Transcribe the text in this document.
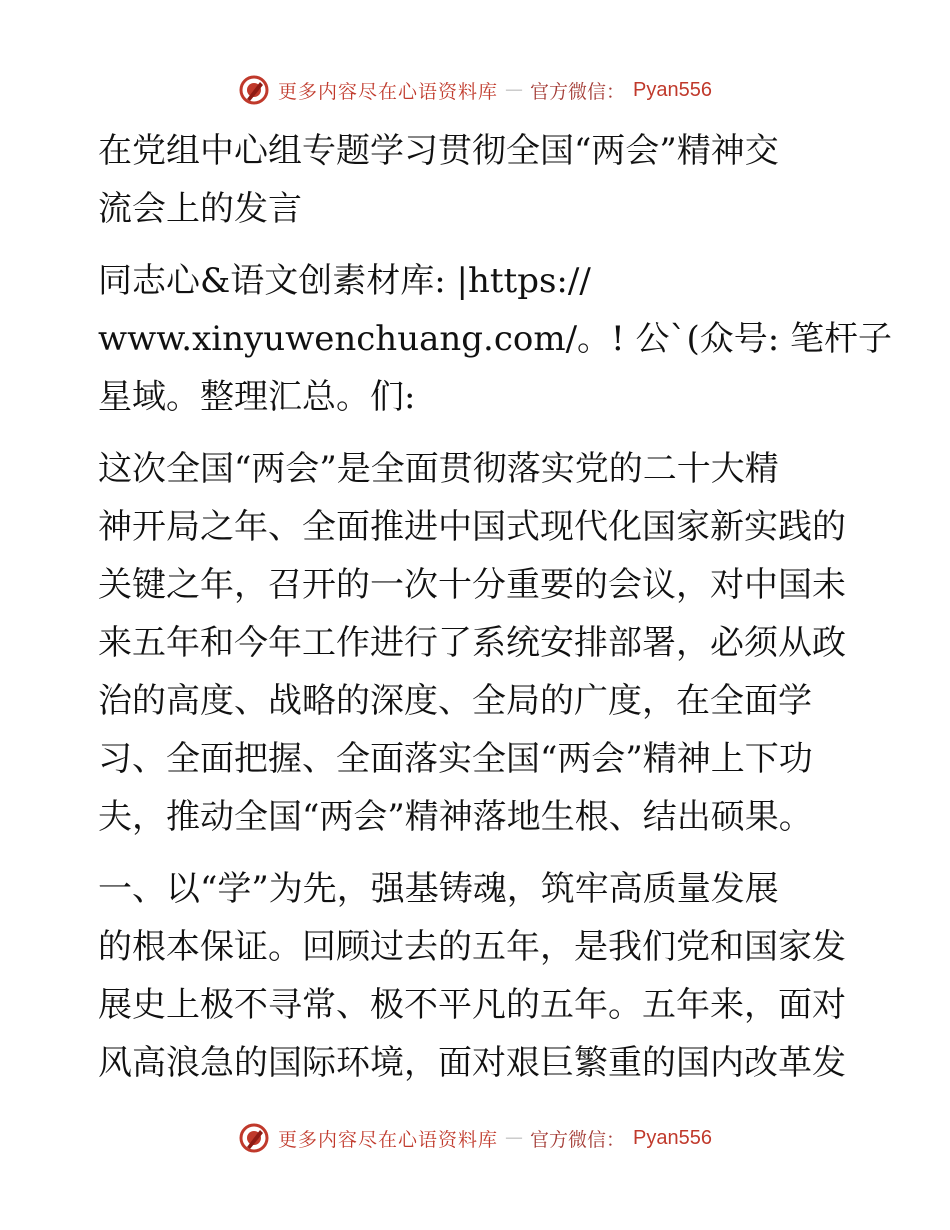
更多内容尽在心语资料库 — 官方微信： Pyan556
在党组中心组专题学习贯彻全国“两会”精神交
流会上的发言
同志心&语文创素材库: |https://
www.xinyuwenchuang.com/。! 公`(众号: 笔杆子
星域。整理汇总。们:
这次全国“两会”是全面贯彻落实党的二十大精
神开局之年、全面推进中国式现代化国家新实践的
关键之年，召开的一次十分重要的会议，对中国未
来五年和今年工作进行了系统安排部署，必须从政
治的高度、战略的深度、全局的广度，在全面学
习、全面把握、全面落实全国“两会”精神上下功
夫，推动全国“两会”精神落地生根、结出硕果。
一、以“学”为先，强基铸魂，筑牢高质量发展
的根本保证。回顾过去的五年，是我们党和国家发
展史上极不寻常、极不平凡的五年。五年来，面对
风高浪急的国际环境，面对艰巨繁重的国内改革发
更多内容尽在心语资料库 — 官方微信： Pyan556
